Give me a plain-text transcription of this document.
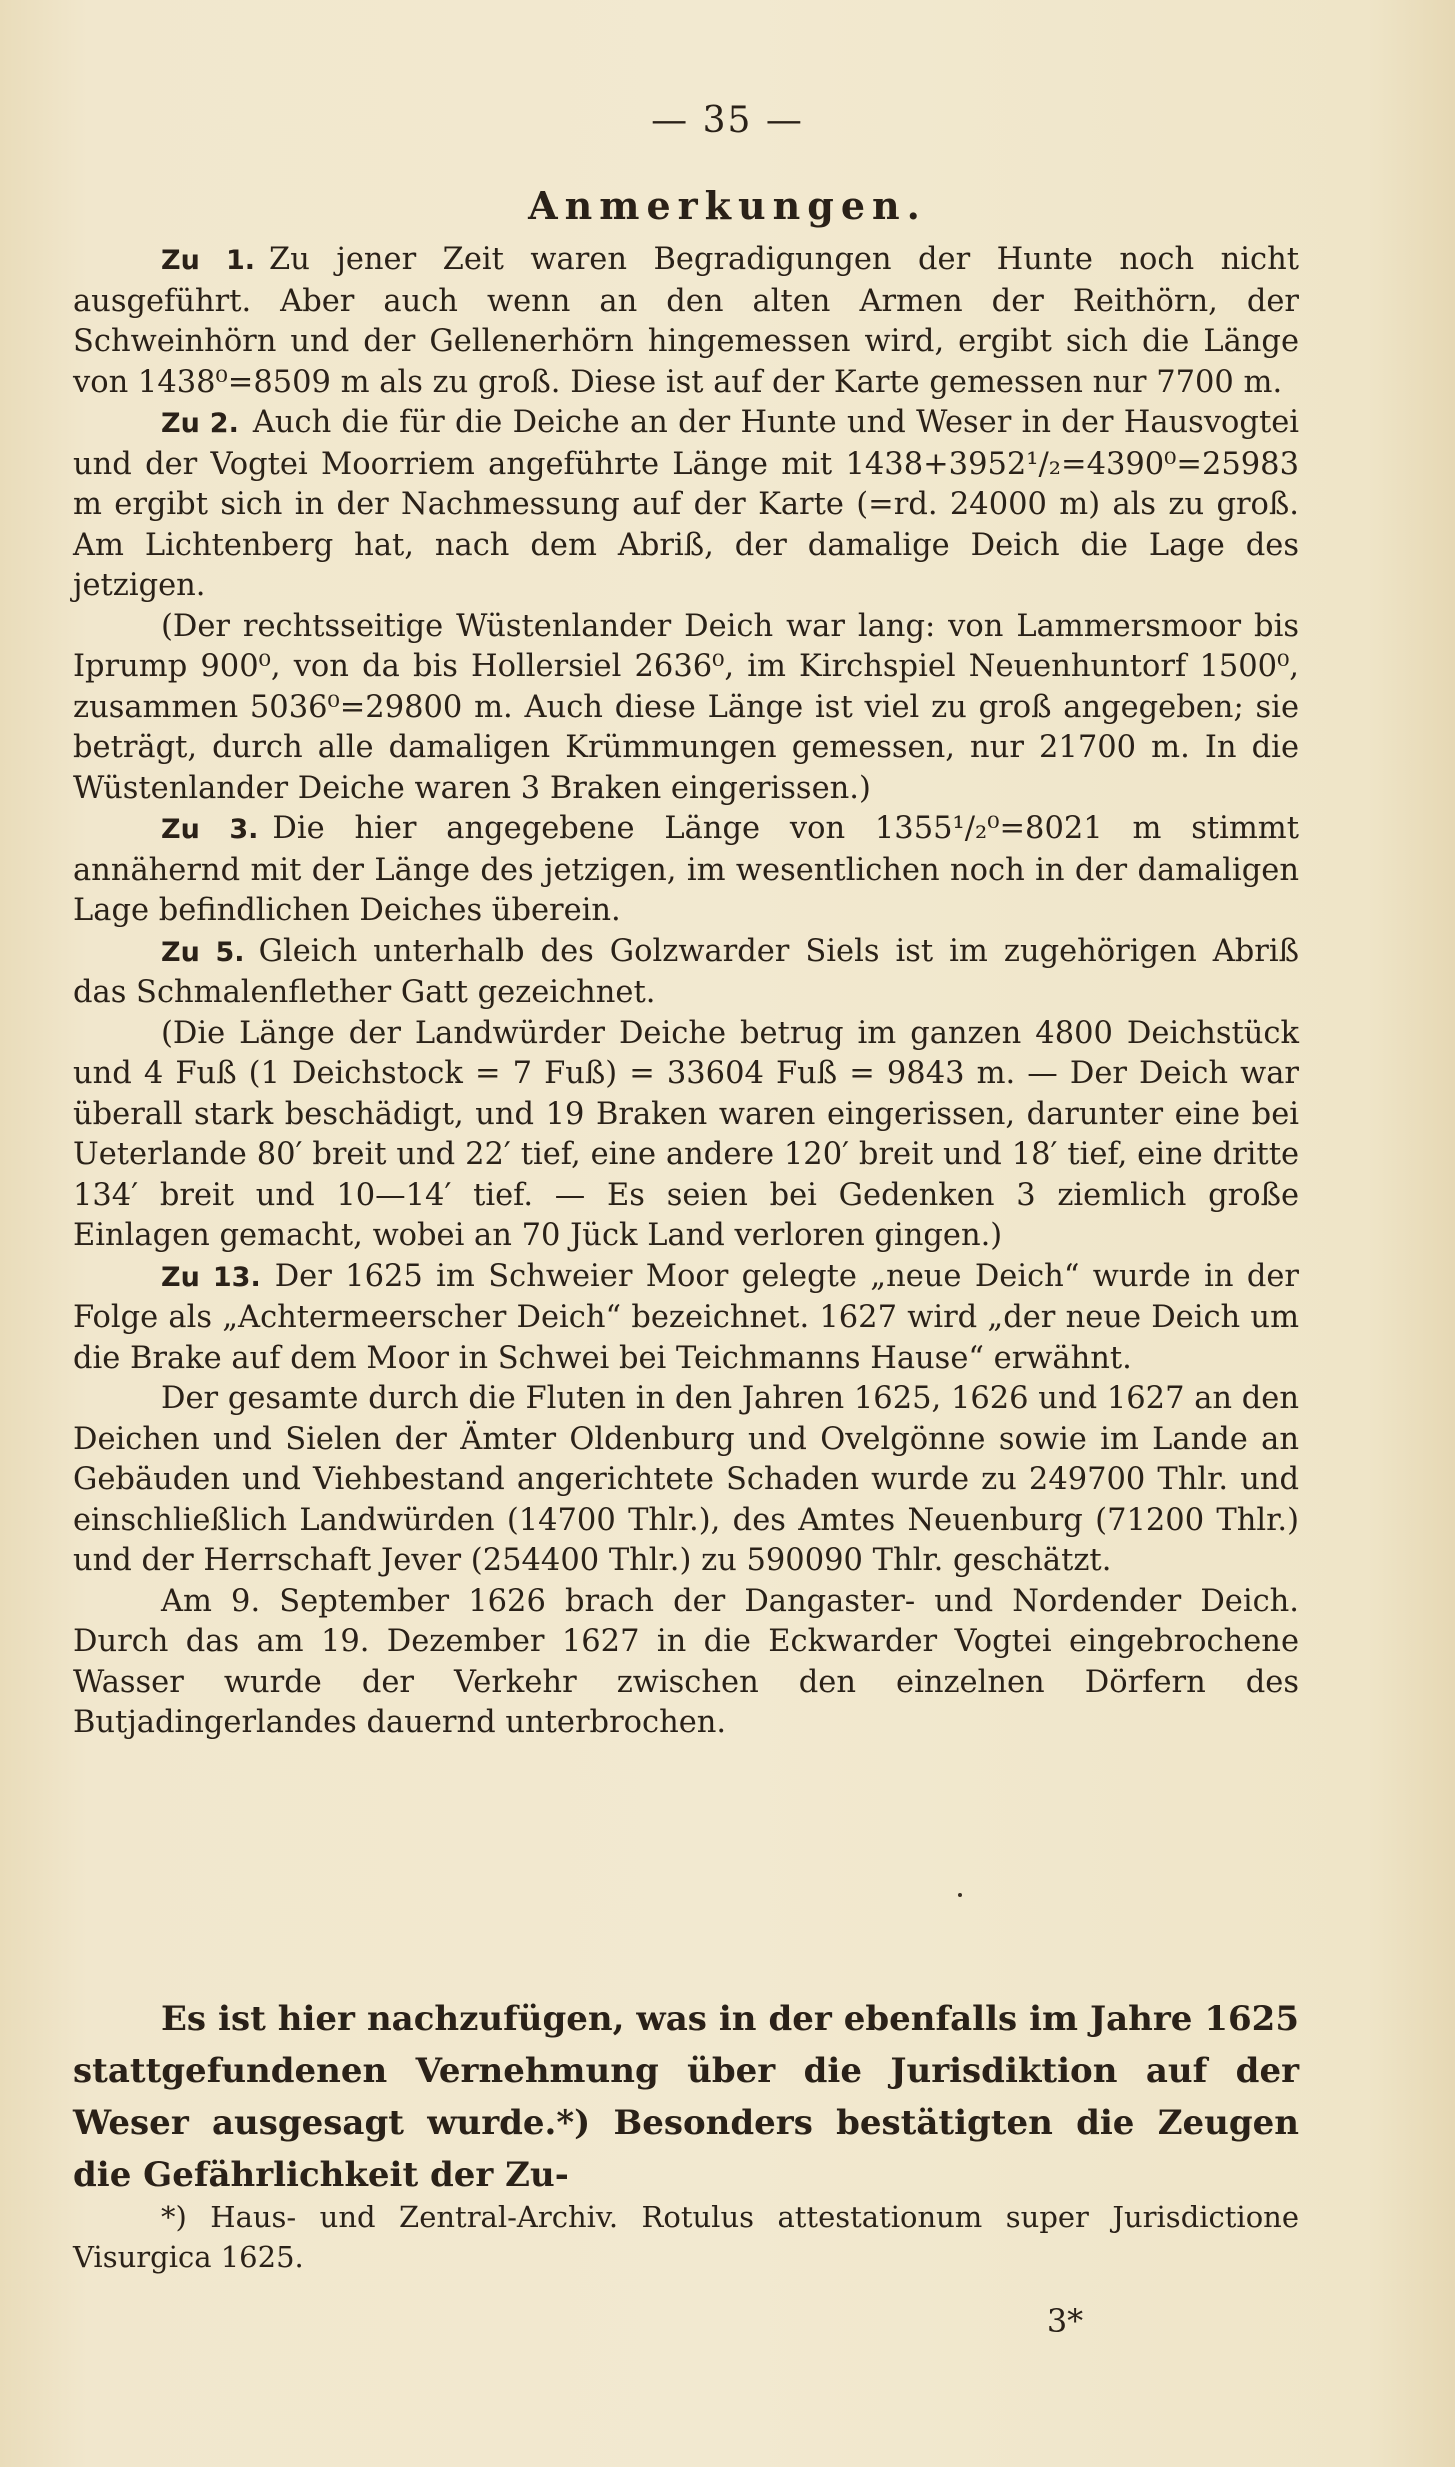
— 35 —
Anmerkungen.

Zu 1. Zu jener Zeit waren Begradigungen der Hunte noch nicht ausgeführt. Aber auch wenn an den alten Armen der Reithörn, der Schweinhörn und der Gellenerhörn hingemessen wird, ergibt sich die Länge von 1438⁰=8509 m als zu groß. Diese ist auf der Karte gemessen nur 7700 m.

Zu 2. Auch die für die Deiche an der Hunte und Weser in der Hausvogtei und der Vogtei Moorriem angeführte Länge mit 1438+3952¹/₂=4390⁰=25983 m ergibt sich in der Nachmessung auf der Karte (=rd. 24000 m) als zu groß. Am Lichtenberg hat, nach dem Abriß, der damalige Deich die Lage des jetzigen.

(Der rechtsseitige Wüstenlander Deich war lang: von Lammersmoor bis Iprump 900⁰, von da bis Hollersiel 2636⁰, im Kirchspiel Neuenhuntorf 1500⁰, zusammen 5036⁰=29800 m. Auch diese Länge ist viel zu groß angegeben; sie beträgt, durch alle damaligen Krümmungen gemessen, nur 21700 m. In die Wüstenlander Deiche waren 3 Braken eingerissen.)

Zu 3. Die hier angegebene Länge von 1355¹/₂⁰=8021 m stimmt annähernd mit der Länge des jetzigen, im wesentlichen noch in der damaligen Lage befindlichen Deiches überein.

Zu 5. Gleich unterhalb des Golzwarder Siels ist im zugehörigen Abriß das Schmalenflether Gatt gezeichnet.

(Die Länge der Landwürder Deiche betrug im ganzen 4800 Deichstück und 4 Fuß (1 Deichstock = 7 Fuß) = 33604 Fuß = 9843 m. — Der Deich war überall stark beschädigt, und 19 Braken waren eingerissen, darunter eine bei Ueterlande 80′ breit und 22′ tief, eine andere 120′ breit und 18′ tief, eine dritte 134′ breit und 10—14′ tief. — Es seien bei Gedenken 3 ziemlich große Einlagen gemacht, wobei an 70 Jück Land verloren gingen.)

Zu 13. Der 1625 im Schweier Moor gelegte „neue Deich“ wurde in der Folge als „Achtermeerscher Deich“ bezeichnet. 1627 wird „der neue Deich um die Brake auf dem Moor in Schwei bei Teichmanns Hause“ erwähnt.

Der gesamte durch die Fluten in den Jahren 1625, 1626 und 1627 an den Deichen und Sielen der Ämter Oldenburg und Ovelgönne sowie im Lande an Gebäuden und Viehbestand angerichtete Schaden wurde zu 249700 Thlr. und einschließlich Landwürden (14700 Thlr.), des Amtes Neuenburg (71200 Thlr.) und der Herrschaft Jever (254400 Thlr.) zu 590090 Thlr. geschätzt.

Am 9. September 1626 brach der Dangaster- und Nordender Deich. Durch das am 19. Dezember 1627 in die Eckwarder Vogtei eingebrochene Wasser wurde der Verkehr zwischen den einzelnen Dörfern des Butjadingerlandes dauernd unterbrochen.

Es ist hier nachzufügen, was in der ebenfalls im Jahre 1625 stattgefundenen Vernehmung über die Jurisdiktion auf der Weser ausgesagt wurde.*) Besonders bestätigten die Zeugen die Gefährlichkeit der Zu-

*) Haus- und Zentral-Archiv. Rotulus attestationum super Jurisdictione Visurgica 1625.

3*
